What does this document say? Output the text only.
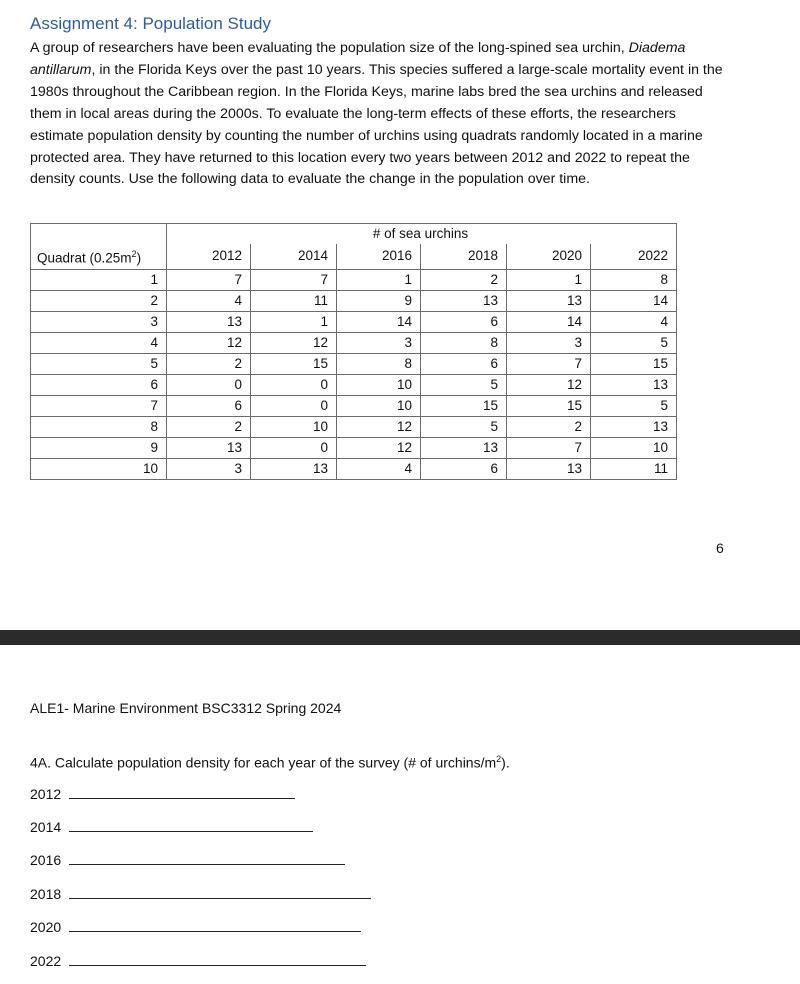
Assignment 4: Population Study
A group of researchers have been evaluating the population size of the long-spined sea urchin, Diadema antillarum, in the Florida Keys over the past 10 years. This species suffered a large-scale mortality event in the 1980s throughout the Caribbean region. In the Florida Keys, marine labs bred the sea urchins and released them in local areas during the 2000s. To evaluate the long-term effects of these efforts, the researchers estimate population density by counting the number of urchins using quadrats randomly located in a marine protected area. They have returned to this location every two years between 2012 and 2022 to repeat the density counts. Use the following data to evaluate the change in the population over time.
	# of sea urchins					
Quadrat $(0.25m^2)$	2012	2014	2016	2018	2020	2022
1	7	7	1	2	1	8
2	4	11	9	13	13	14
3	13	1	14	6	14	4
4	12	12	3	8	3	5
5	2	15	8	6	7	15
6	0	0	10	5	12	13
7	6	0	10	15	15	5
8	2	10	12	5	2	13
9	13	0	12	13	7	10
10	3	13	4	6	13	11
6
ALE1- Marine Environment BSC3312 Spring 2024
4A. Calculate population density for each year of the survey (# of urchins/$m^2$).
2012
2014
2016
2018
2020
2022
